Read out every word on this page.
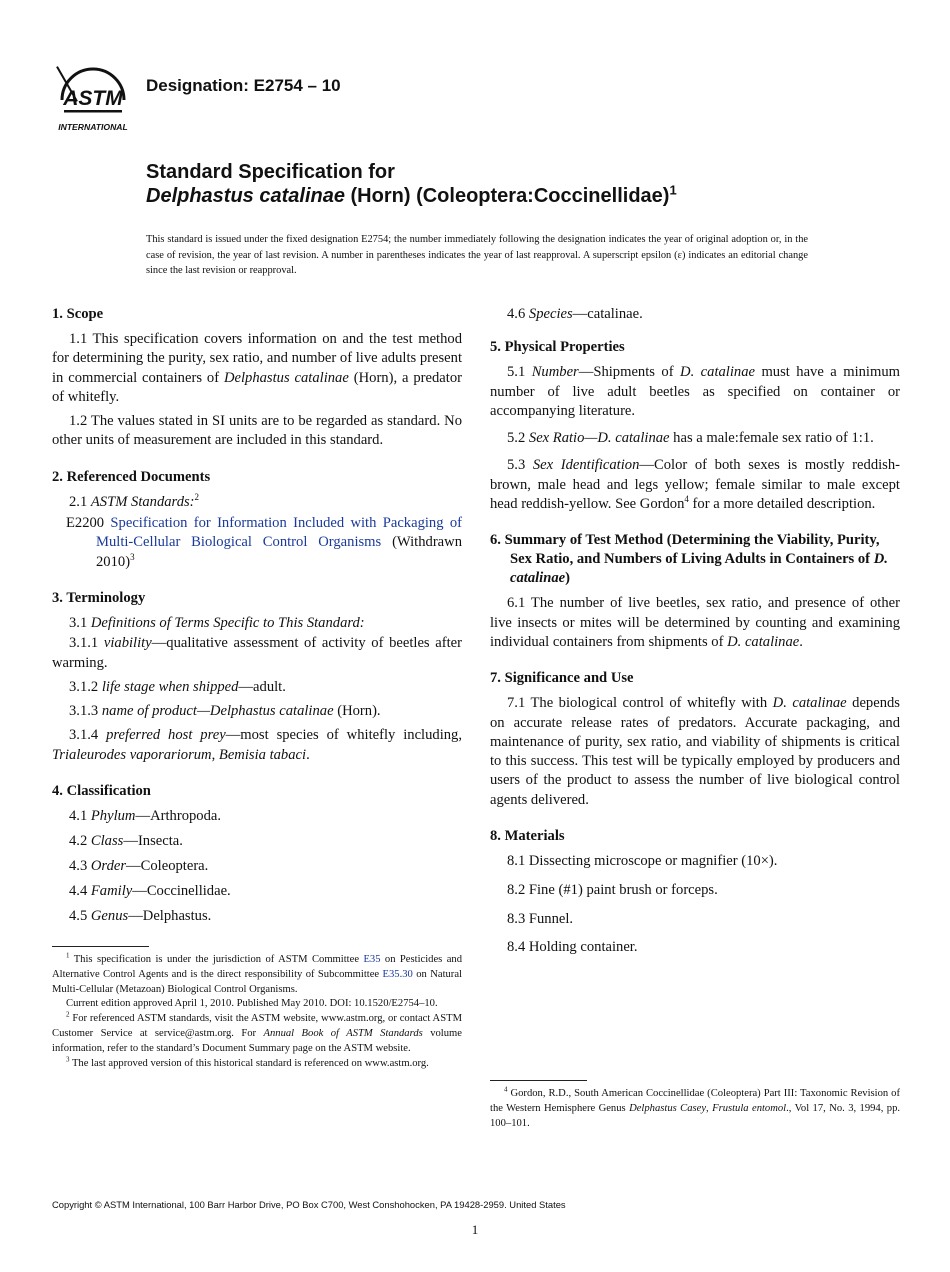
ASTM
INTERNATIONAL
Designation: E2754 – 10
Standard Specification for
Delphastus catalinae (Horn) (Coleoptera:Coccinellidae)$^1$
This standard is issued under the fixed designation E2754; the number immediately following the designation indicates the year of original adoption or, in the case of revision, the year of last revision. A number in parentheses indicates the year of last reapproval. A superscript epsilon (ε) indicates an editorial change since the last revision or reapproval.
1. Scope

1.1 This specification covers information on and the test method for determining the purity, sex ratio, and number of live adults present in commercial containers of Delphastus catalinae (Horn), a predator of whitefly.

1.2 The values stated in SI units are to be regarded as standard. No other units of measurement are included in this standard.

2. Referenced Documents

2.1 ASTM Standards:$^2$

E2200 Specification for Information Included with Packaging of Multi-Cellular Biological Control Organisms (Withdrawn 2010)$^3$
3. Terminology

3.1 Definitions of Terms Specific to This Standard:

3.1.1 viability—qualitative assessment of activity of beetles after warming.

3.1.2 life stage when shipped—adult.

3.1.3 name of product—Delphastus catalinae (Horn).

3.1.4 preferred host prey—most species of whitefly including, Trialeurodes vaporariorum, Bemisia tabaci.

4. Classification

4.1 Phylum—Arthropoda.

4.2 Class—Insecta.

4.3 Order—Coleoptera.

4.4 Family—Coccinellidae.

4.5 Genus—Delphastus.

$^1$ This specification is under the jurisdiction of ASTM Committee E35 on Pesticides and Alternative Control Agents and is the direct responsibility of Subcommittee E35.30 on Natural Multi-Cellular (Metazoan) Biological Control Organisms.

Current edition approved April 1, 2010. Published May 2010. DOI: 10.1520/E2754–10.

$^2$ For referenced ASTM standards, visit the ASTM website, www.astm.org, or contact ASTM Customer Service at service@astm.org. For Annual Book of ASTM Standards volume information, refer to the standard’s Document Summary page on the ASTM website.

$^3$ The last approved version of this historical standard is referenced on www.astm.org.

4.6 Species—catalinae.

5. Physical Properties

5.1 Number—Shipments of D. catalinae must have a minimum number of live adult beetles as specified on container or accompanying literature.

5.2 Sex Ratio—D. catalinae has a male:female sex ratio of 1:1.

5.3 Sex Identification—Color of both sexes is mostly reddish-brown, male head and legs yellow; female similar to male except head reddish-yellow. See Gordon$^4$ for a more detailed description.

6. Summary of Test Method (Determining the Viability, Purity, Sex Ratio, and Numbers of Living Adults in Containers of D. catalinae)

6.1 The number of live beetles, sex ratio, and presence of other live insects or mites will be determined by counting and examining individual containers from shipments of D. catalinae.

7. Significance and Use

7.1 The biological control of whitefly with D. catalinae depends on accurate release rates of predators. Accurate packaging, and maintenance of purity, sex ratio, and viability of shipments is critical to this success. This test will be typically employed by producers and users of the product to assess the number of live biological control agents delivered.

8. Materials

8.1 Dissecting microscope or magnifier (10×).

8.2 Fine (#1) paint brush or forceps.

8.3 Funnel.

8.4 Holding container.

$^4$ Gordon, R.D., South American Coccinellidae (Coleoptera) Part III: Taxonomic Revision of the Western Hemisphere Genus Delphastus Casey, Frustula entomol., Vol 17, No. 3, 1994, pp. 100–101.

Copyright © ASTM International, 100 Barr Harbor Drive, PO Box C700, West Conshohocken, PA 19428-2959. United States
1
